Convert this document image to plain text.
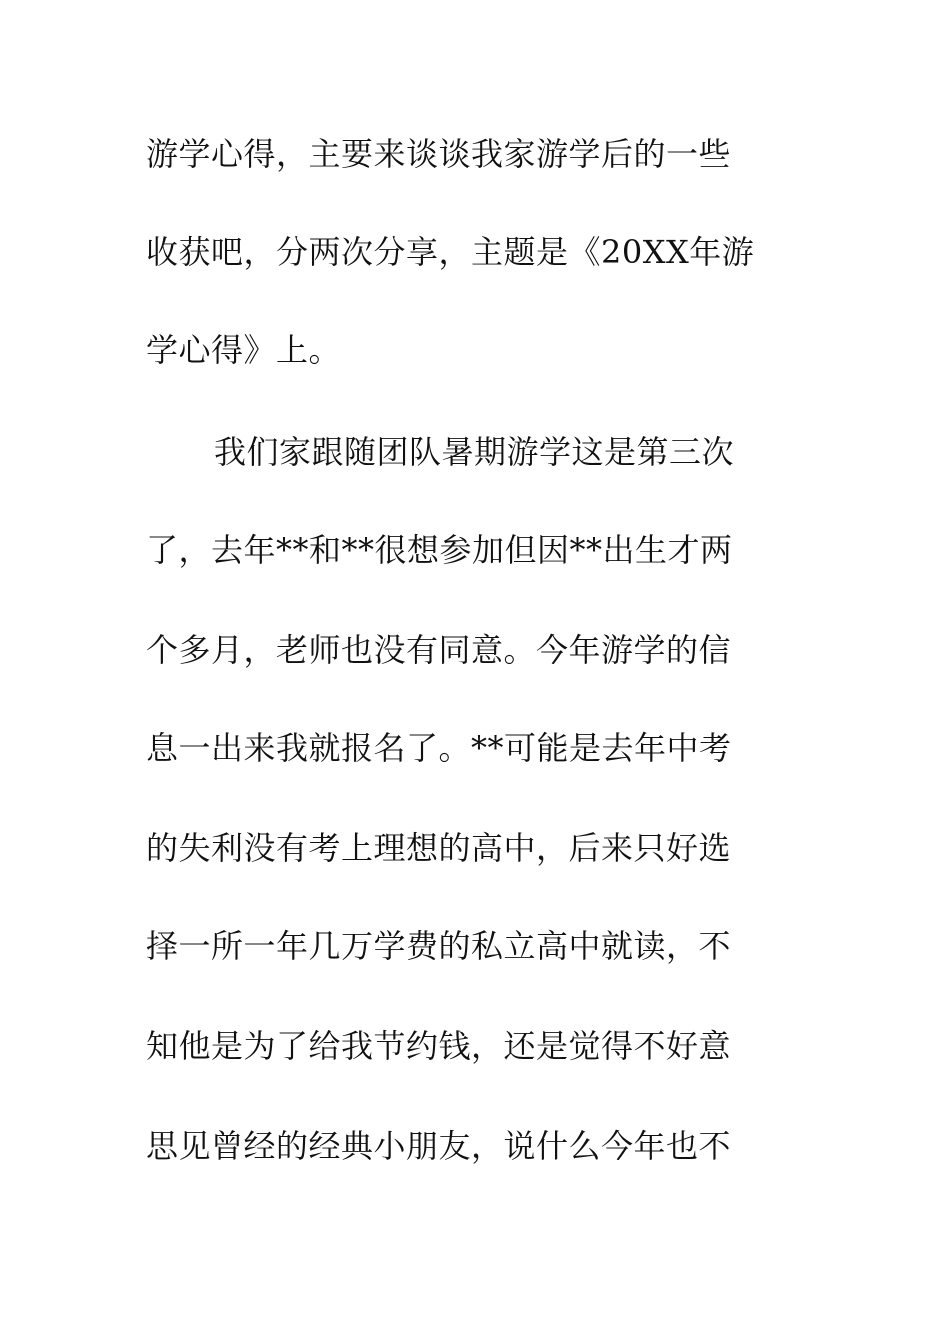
游学心得，主要来谈谈我家游学后的一些
收获吧，分两次分享，主题是《20XX年游
学心得》上。
我们家跟随团队暑期游学这是第三次
了，去年**和**很想参加但因**出生才两
个多月，老师也没有同意。今年游学的信
息一出来我就报名了。**可能是去年中考
的失利没有考上理想的高中，后来只好选
择一所一年几万学费的私立高中就读，不
知他是为了给我节约钱，还是觉得不好意
思见曾经的经典小朋友，说什么今年也不
